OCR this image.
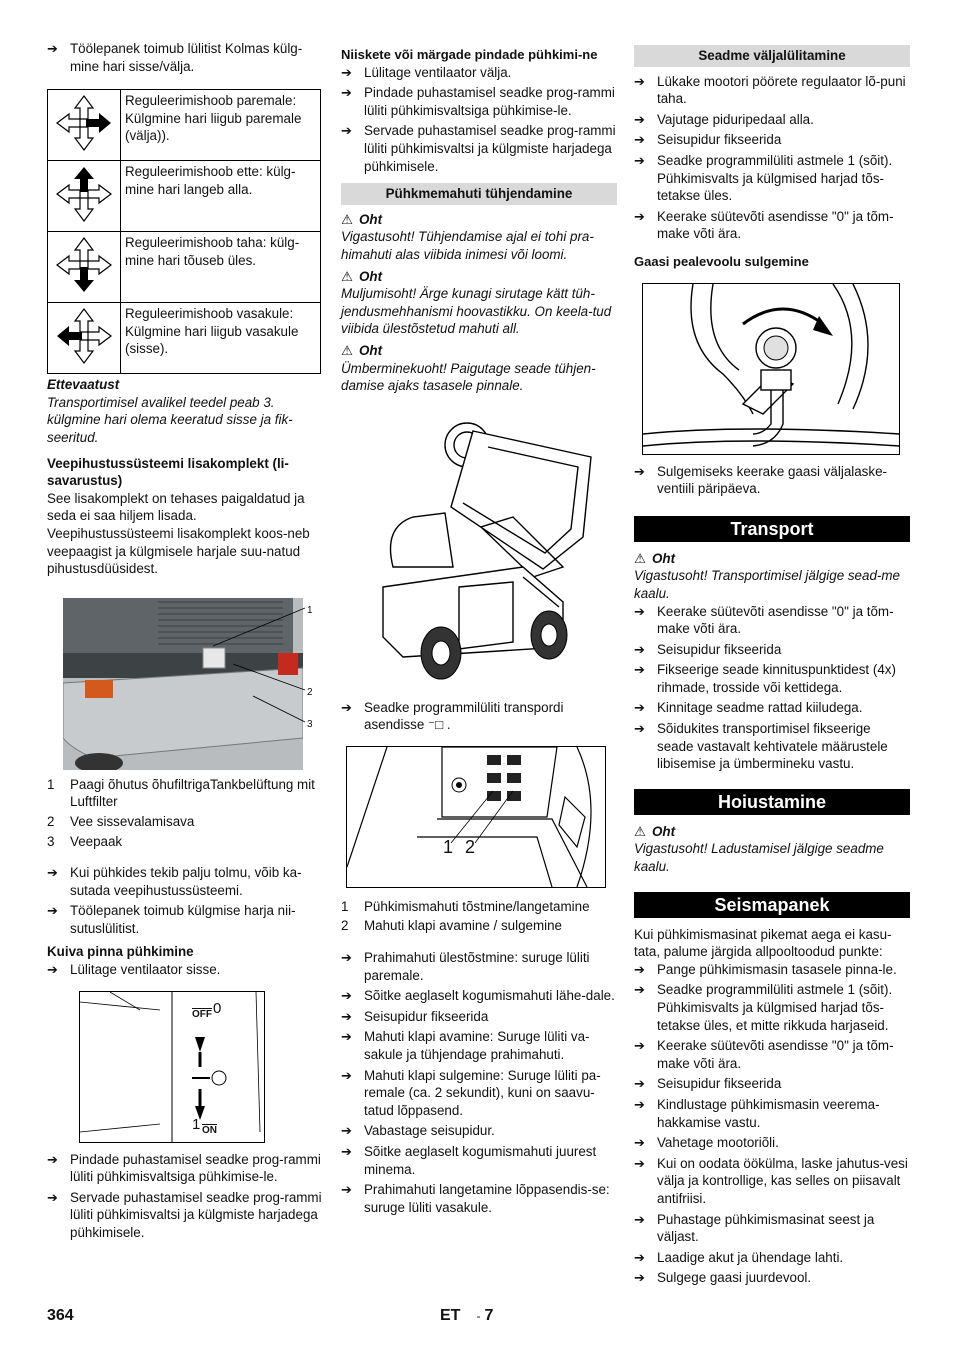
➔ Töölepanek toimub lülitist Kolmas külg-mine hari sisse/välja.
	Reguleerimishoob paremale: Külgmine hari liigub paremale (välja)).
	Reguleerimishoob ette: külg-mine hari langeb alla.
	Reguleerimishoob taha: külg-mine hari tõuseb üles.
	Reguleerimishoob vasakule: Külgmine hari liigub vasakule (sisse).

Ettevaatust

Transportimisel avalikel teedel peab 3. külgmine hari olema keeratud sisse ja fik-seeritud.

Veepihustussüsteemi lisakomplekt (li-savarustus)

See lisakomplekt on tehases paigaldatud ja seda ei saa hiljem lisada. Veepihustussüsteemi lisakomplekt koos-neb veepaagist ja külgmisele harjale suu-natud pihustusdüüsidest.

1
2
3
1 Paagi õhutus õhufiltrigaTankbelüftung mit Luftfilter
2 Vee sissevalamisava
3 Veepaak
➔ Kui pühkides tekib palju tolmu, võib ka-sutada veepihustussüsteemi.
➔ Töölepanek toimub külgmise harja nii-sutuslülitist.

Kuiva pinna pühkimine

➔ Lülitage ventilaator sisse.
$\overline{OFF}$ 0
1 $\overline{ON}$
➔ Pindade puhastamisel seadke prog-rammi lüliti pühkimisvaltsiga pühkimise-le.
➔ Servade puhastamisel seadke prog-rammi lüliti pühkimisvaltsi ja külgmiste harjadega pühkimisele.

Niiskete või märgade pindade pühkimi-ne

➔ Lülitage ventilaator välja.
➔ Pindade puhastamisel seadke prog-rammi lüliti pühkimisvaltsiga pühkimise-le.
➔ Servade puhastamisel seadke prog-rammi lüliti pühkimisvaltsi ja külgmiste harjadega pühkimisele.
Pühkmemahuti tühjendamine

⚠ Oht

Vigastusoht! Tühjendamise ajal ei tohi pra-himahuti alas viibida inimesi või loomi.

⚠ Oht

Muljumisoht! Ärge kunagi sirutage kätt tüh-jendusmehhanismi hoovastikku. On keela-tud viibida ülestõstetud mahuti all.

⚠ Oht

Ümberminekuoht! Paigutage seade tühjen-damise ajaks tasasele pinnale.

➔ Seadke programmilüliti transpordi asendisse ⁻□ .
1 2
1 Pühkimismahuti tõstmine/langetamine
2 Mahuti klapi avamine / sulgemine
➔ Prahimahuti ülestõstmine: suruge lüliti paremale.
➔ Sõitke aeglaselt kogumismahuti lähe-dale.
➔ Seisupidur fikseerida
➔ Mahuti klapi avamine: Suruge lüliti va-sakule ja tühjendage prahimahuti.
➔ Mahuti klapi sulgemine: Suruge lüliti pa-remale (ca. 2 sekundit), kuni on saavu-tatud lõppasend.
➔ Vabastage seisupidur.
➔ Sõitke aeglaselt kogumismahuti juurest minema.
➔ Prahimahuti langetamine lõppasendis-se: suruge lüliti vasakule.
Seadme väljalülitamine
➔ Lükake mootori pöörete regulaator lõ-puni taha.
➔ Vajutage piduripedaal alla.
➔ Seisupidur fikseerida
➔ Seadke programmilüliti astmele 1 (sõit). Pühkimisvalts ja külgmised harjad tõs-tetakse üles.
➔ Keerake süütevõti asendisse "0" ja tõm-make võti ära.

Gaasi pealevoolu sulgemine

➔ Sulgemiseks keerake gaasi väljalaske-ventiili päripäeva.
Transport

⚠ Oht

Vigastusoht! Transportimisel jälgige sead-me kaalu.

➔ Keerake süütevõti asendisse "0" ja tõm-make võti ära.
➔ Seisupidur fikseerida
➔ Fikseerige seade kinnituspunktidest (4x) rihmade, trosside või kettidega.
➔ Kinnitage seadme rattad kiiludega.
➔ Sõidukites transportimisel fikseerige seade vastavalt kehtivatele määrustele libisemise ja ümbermineku vastu.
Hoiustamine

⚠ Oht

Vigastusoht! Ladustamisel jälgige seadme kaalu.

Seismapanek

Kui pühkimismasinat pikemat aega ei kasu-tata, palume järgida allpooltoodud punkte:

➔ Pange pühkimismasin tasasele pinna-le.
➔ Seadke programmilüliti astmele 1 (sõit). Pühkimisvalts ja külgmised harjad tõs-tetakse üles, et mitte rikkuda harjaseid.
➔ Keerake süütevõti asendisse "0" ja tõm-make võti ära.
➔ Seisupidur fikseerida
➔ Kindlustage pühkimismasin veerema-hakkamise vastu.
➔ Vahetage mootoriõli.
➔ Kui on oodata öökülma, laske jahutus-vesi välja ja kontrollige, kas selles on piisavalt antifriisi.
➔ Puhastage pühkimismasinat seest ja väljast.
➔ Laadige akut ja ühendage lahti.
➔ Sulgege gaasi juurdevool.
364	ET - 7
